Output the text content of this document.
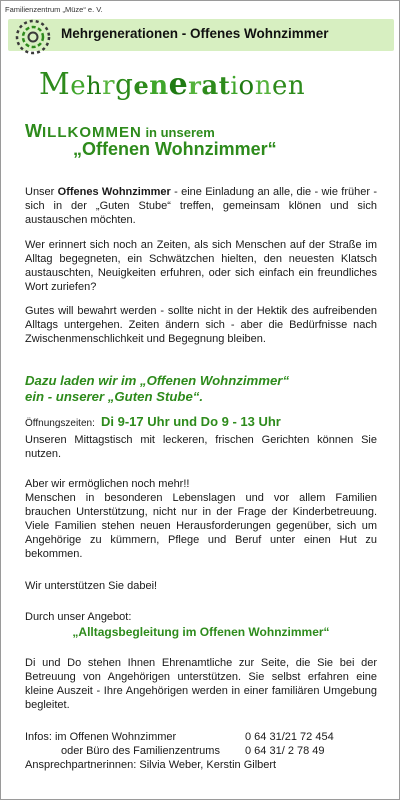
Familienzentrum „Müze“ e. V.
Mehrgenerationen - Offenes Wohnzimmer
Mehrgenerationen
WILLKOMMEN in unserem
„Offenen Wohnzimmer“
Unser Offenes Wohnzimmer - eine Einladung an alle, die - wie früher - sich in der „Guten Stube“ treffen, gemeinsam klönen und sich austauschen möchten.
Wer erinnert sich noch an Zeiten, als sich Menschen auf der Straße im Alltag begegneten, ein Schwätzchen hielten, den neuesten Klatsch austauschten, Neuigkeiten erfuhren, oder sich einfach ein freundliches Wort zuriefen?
Gutes will bewahrt werden - sollte nicht in der Hektik des aufreibenden Alltags untergehen. Zeiten ändern sich - aber die Bedürfnisse nach Zwischenmenschlichkeit und Begegnung bleiben.
Dazu laden wir im „Offenen Wohnzimmer“
ein - unserer „Guten Stube“.
Öffnungszeiten: Di 9-17 Uhr und Do 9 - 13 Uhr
Unseren Mittagstisch mit leckeren, frischen Gerichten können Sie nutzen.
Aber wir ermöglichen noch mehr!!
Menschen in besonderen Lebenslagen und vor allem Familien brauchen Unterstützung, nicht nur in der Frage der Kinderbetreuung. Viele Familien stehen neuen Herausforderungen gegenüber, sich um Angehörige zu kümmern, Pflege und Beruf unter einen Hut zu bekommen.
Wir unterstützen Sie dabei!
Durch unser Angebot:
„Alltagsbegleitung im Offenen Wohnzimmer“
Di und Do stehen Ihnen Ehrenamtliche zur Seite, die Sie bei der Betreuung von Angehörigen unterstützen. Sie selbst erfahren eine kleine Auszeit - Ihre Angehörigen werden in einer familiären Umgebung begleitet.
Infos: im Offenen Wohnzimmer	0 64 31/21 72 454
oder Büro des Familienzentrums 0 64 31/ 2 78 49
Ansprechpartnerinnen: Silvia Weber, Kerstin Gilbert
